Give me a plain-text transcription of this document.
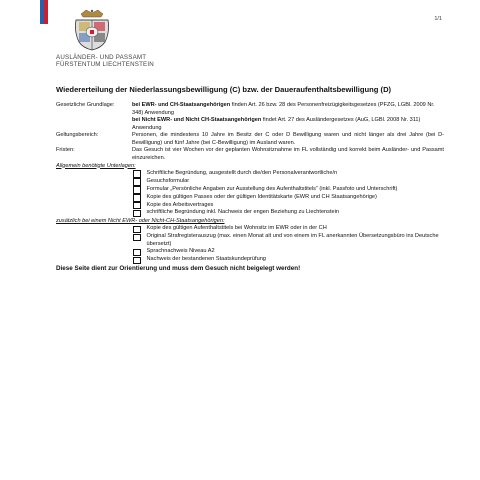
AUSLÄNDER- UND PASSAMT
FÜRSTENTUM LIECHTENSTEIN
1/1
Wiedererteilung der Niederlassungsbewilligung (C) bzw. der Daueraufenthaltsbewilligung (D)
Gesetzliche Grundlage:	bei EWR- und CH-Staatsangehörigen finden Art. 26 bzw. 28 des Personenfreizügigkeitsgesetzes (PFZG, LGBl. 2009 Nr. 348) Anwendung
bei Nicht EWR- und Nicht CH-Staatsangehörigen findet Art. 27 des Ausländergesetzes (AuG, LGBl. 2008 Nr. 311) Anwendung
Geltungsbereich:	Personen, die mindestens 10 Jahre im Besitz der C oder D Bewilligung waren und nicht länger als drei Jahre (bei D-Bewilligung) und fünf Jahre (bei C-Bewilligung) im Ausland waren.
Fristen:	Das Gesuch ist vier Wochen vor der geplanten Wohnsitznahme im FL vollständig und korrekt beim Ausländer- und Passamt einzureichen.
Allgemein benötigte Unterlagen:
Schriftliche Begründung, ausgestellt durch die/den Personalverantwortliche/n
Gesuchsformular
Formular „Persönliche Angaben zur Ausstellung des Aufenthaltstitels“ (inkl. Passfoto und Unterschrift)
Kopie des gültigen Passes oder der gültigen Identitätskarte (EWR und CH Staatsangehörige)
Kopie des Arbeitsvertrages
schriftliche Begründung inkl. Nachweis der engen Beziehung zu Liechtenstein
zusätzlich bei einem Nicht EWR- oder Nicht-CH-Staatsangehörigen:
Kopie des gültigen Aufenthaltstitels bei Wohnsitz im EWR oder in der CH
Original Strafregisterauszug (max. einen Monat alt und von einem im FL anerkannten Übersetzungsbüro ins Deutsche übersetzt)
Sprachnachweis Niveau A2
Nachweis der bestandenen Staatskundeprüfung
Diese Seite dient zur Orientierung und muss dem Gesuch nicht beigelegt werden!
